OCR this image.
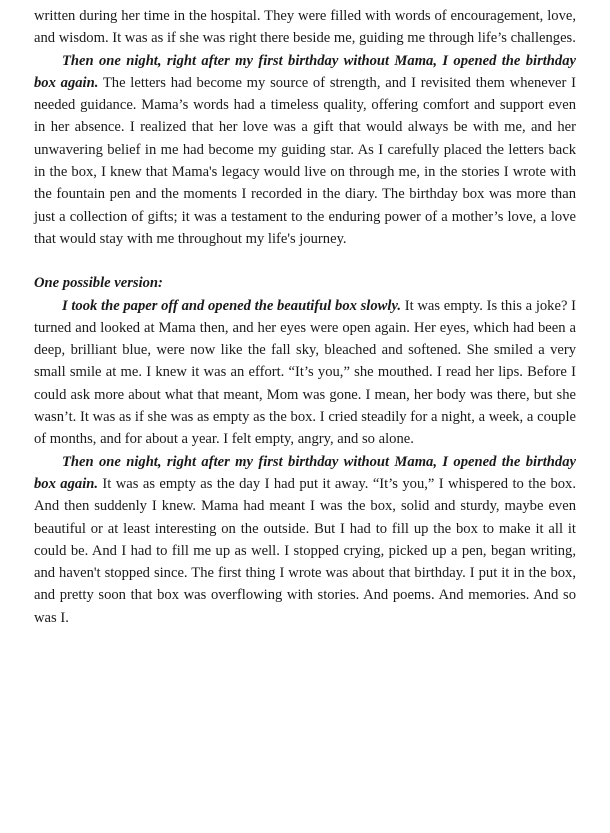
written during her time in the hospital. They were filled with words of encouragement, love, and wisdom. It was as if she was right there beside me, guiding me through life’s challenges.

Then one night, right after my first birthday without Mama, I opened the birthday box again. The letters had become my source of strength, and I revisited them whenever I needed guidance. Mama’s words had a timeless quality, offering comfort and support even in her absence. I realized that her love was a gift that would always be with me, and her unwavering belief in me had become my guiding star. As I carefully placed the letters back in the box, I knew that Mama's legacy would live on through me, in the stories I wrote with the fountain pen and the moments I recorded in the diary. The birthday box was more than just a collection of gifts; it was a testament to the enduring power of a mother’s love, a love that would stay with me throughout my life's journey.

One possible version:

I took the paper off and opened the beautiful box slowly. It was empty. Is this a joke? I turned and looked at Mama then, and her eyes were open again. Her eyes, which had been a deep, brilliant blue, were now like the fall sky, bleached and softened. She smiled a very small smile at me. I knew it was an effort. “It’s you,” she mouthed. I read her lips. Before I could ask more about what that meant, Mom was gone. I mean, her body was there, but she wasn’t. It was as if she was as empty as the box. I cried steadily for a night, a week, a couple of months, and for about a year. I felt empty, angry, and so alone.

Then one night, right after my first birthday without Mama, I opened the birthday box again. It was as empty as the day I had put it away. “It’s you,” I whispered to the box. And then suddenly I knew. Mama had meant I was the box, solid and sturdy, maybe even beautiful or at least interesting on the outside. But I had to fill up the box to make it all it could be. And I had to fill me up as well. I stopped crying, picked up a pen, began writing, and haven't stopped since. The first thing I wrote was about that birthday. I put it in the box, and pretty soon that box was overflowing with stories. And poems. And memories. And so was I.
